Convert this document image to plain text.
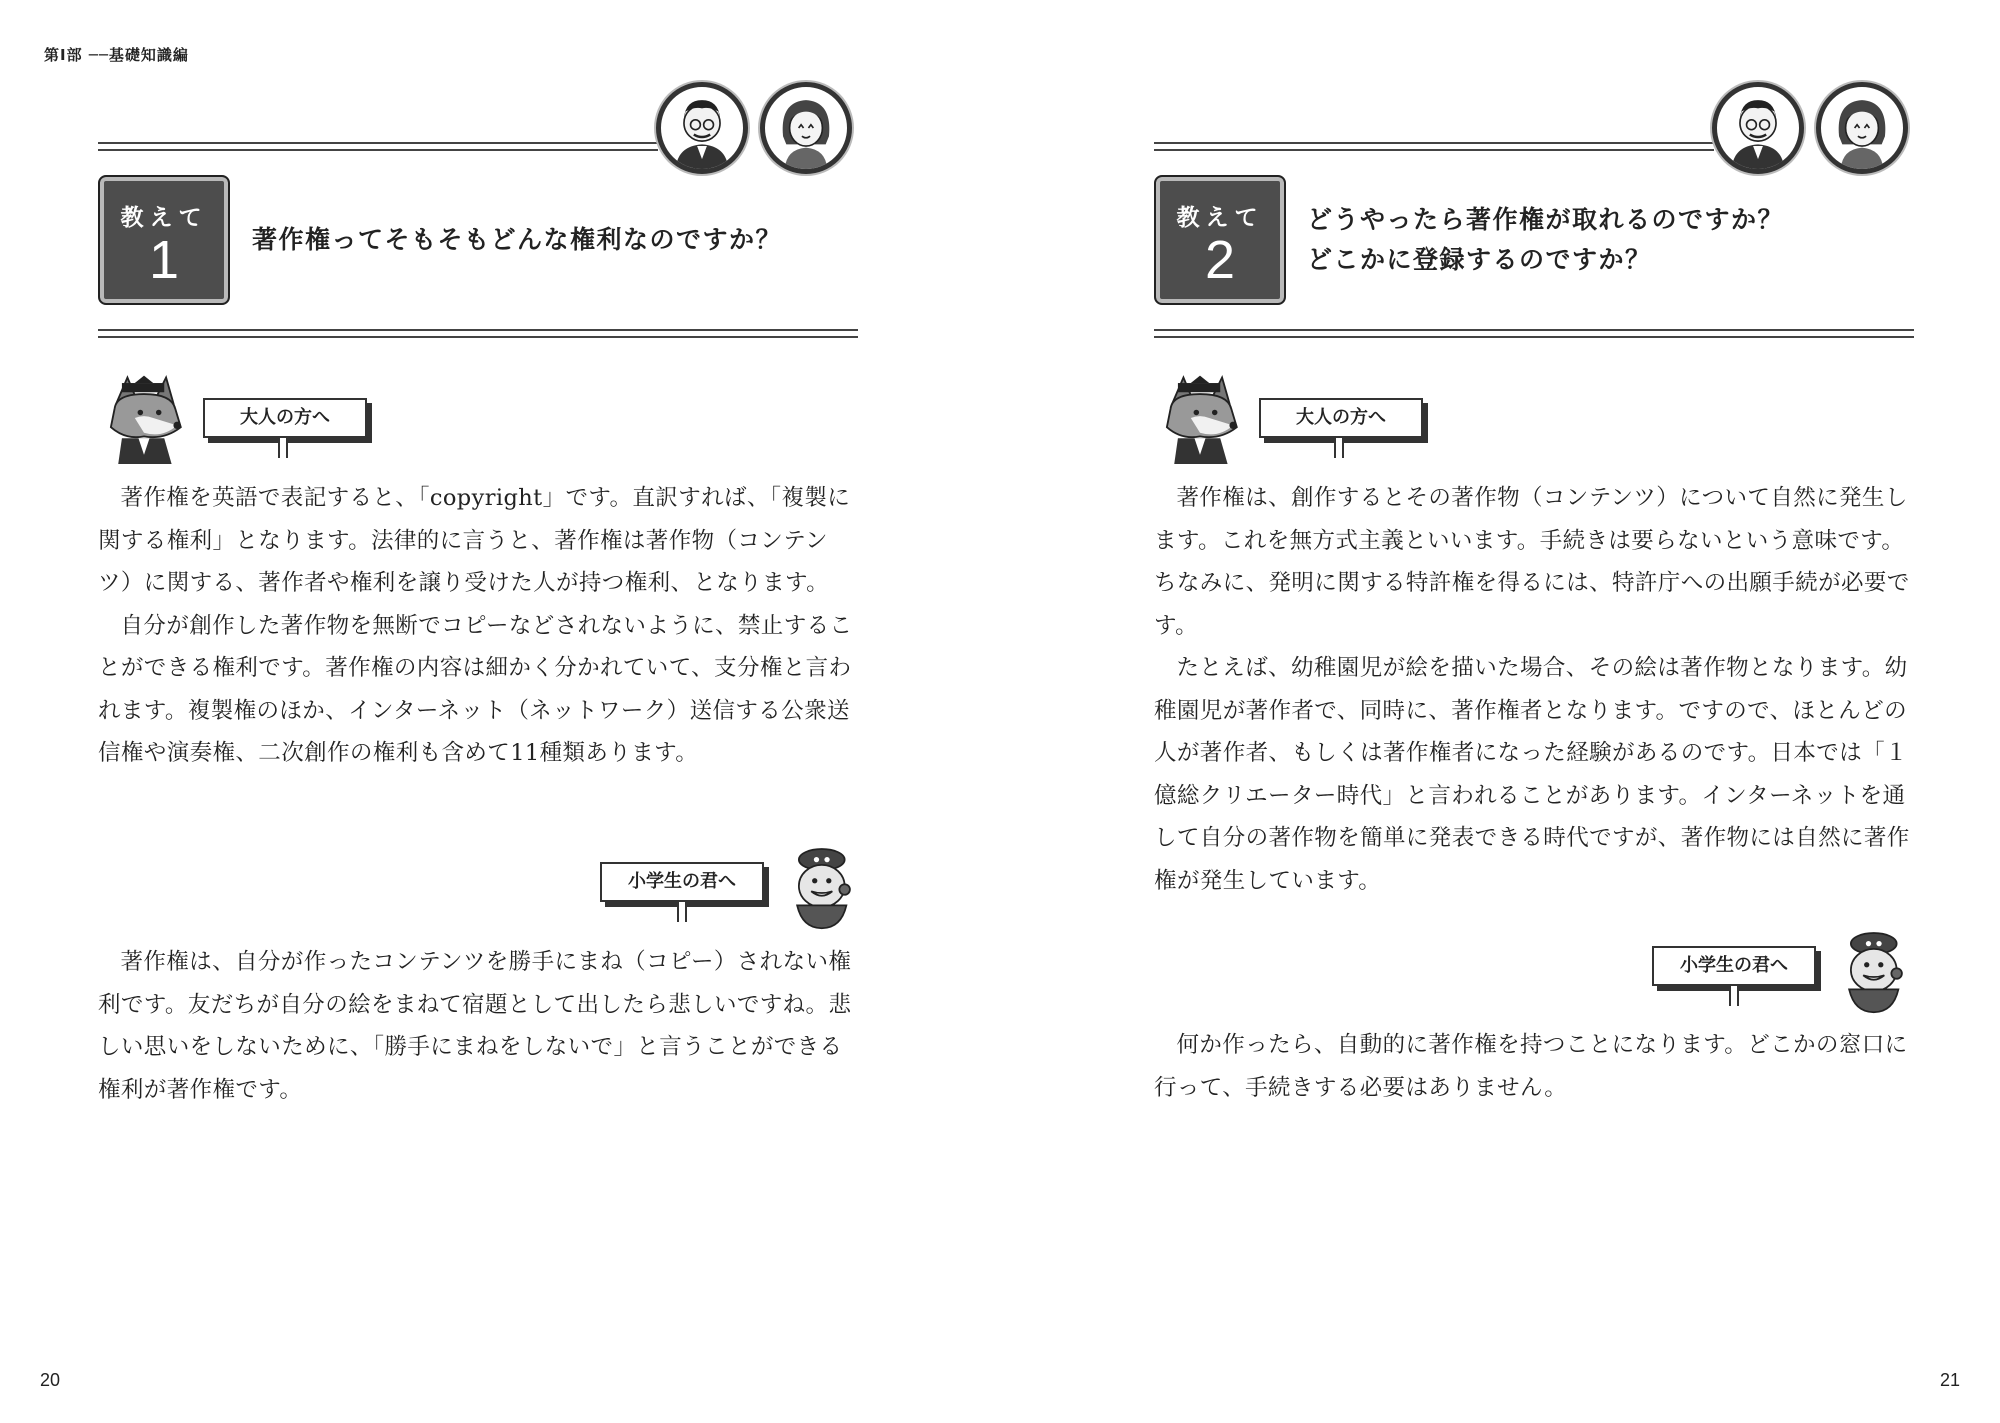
第Ⅰ部 ──基礎知識編
教えて
1	著作権ってそもそもどんな権利なのですか？
大人の方へ

著作権を英語で表記すると、「copyright」です。直訳すれば、「複製に関する権利」となります。法律的に言うと、著作権は著作物（コンテンツ）に関する、著作者や権利を譲り受けた人が持つ権利、となります。

自分が創作した著作物を無断でコピーなどされないように、禁止することができる権利です。著作権の内容は細かく分かれていて、支分権と言われます。複製権のほか、インターネット（ネットワーク）送信する公衆送信権や演奏権、二次創作の権利も含めて11種類あります。

小学生の君へ

著作権は、自分が作ったコンテンツを勝手にまね（コピー）されない権利です。友だちが自分の絵をまねて宿題として出したら悲しいですね。悲しい思いをしないために、「勝手にまねをしないで」と言うことができる権利が著作権です。

20
教えて
2
どうやったら著作権が取れるのですか？
どこかに登録するのですか？
大人の方へ

著作権は、創作するとその著作物（コンテンツ）について自然に発生します。これを無方式主義といいます。手続きは要らないという意味です。ちなみに、発明に関する特許権を得るには、特許庁への出願手続が必要です。

たとえば、幼稚園児が絵を描いた場合、その絵は著作物となります。幼稚園児が著作者で、同時に、著作権者となります。ですので、ほとんどの人が著作者、もしくは著作権者になった経験があるのです。日本では「１億総クリエーター時代」と言われることがあります。インターネットを通して自分の著作物を簡単に発表できる時代ですが、著作物には自然に著作権が発生しています。

小学生の君へ

何か作ったら、自動的に著作権を持つことになります。どこかの窓口に行って、手続きする必要はありません。

21
